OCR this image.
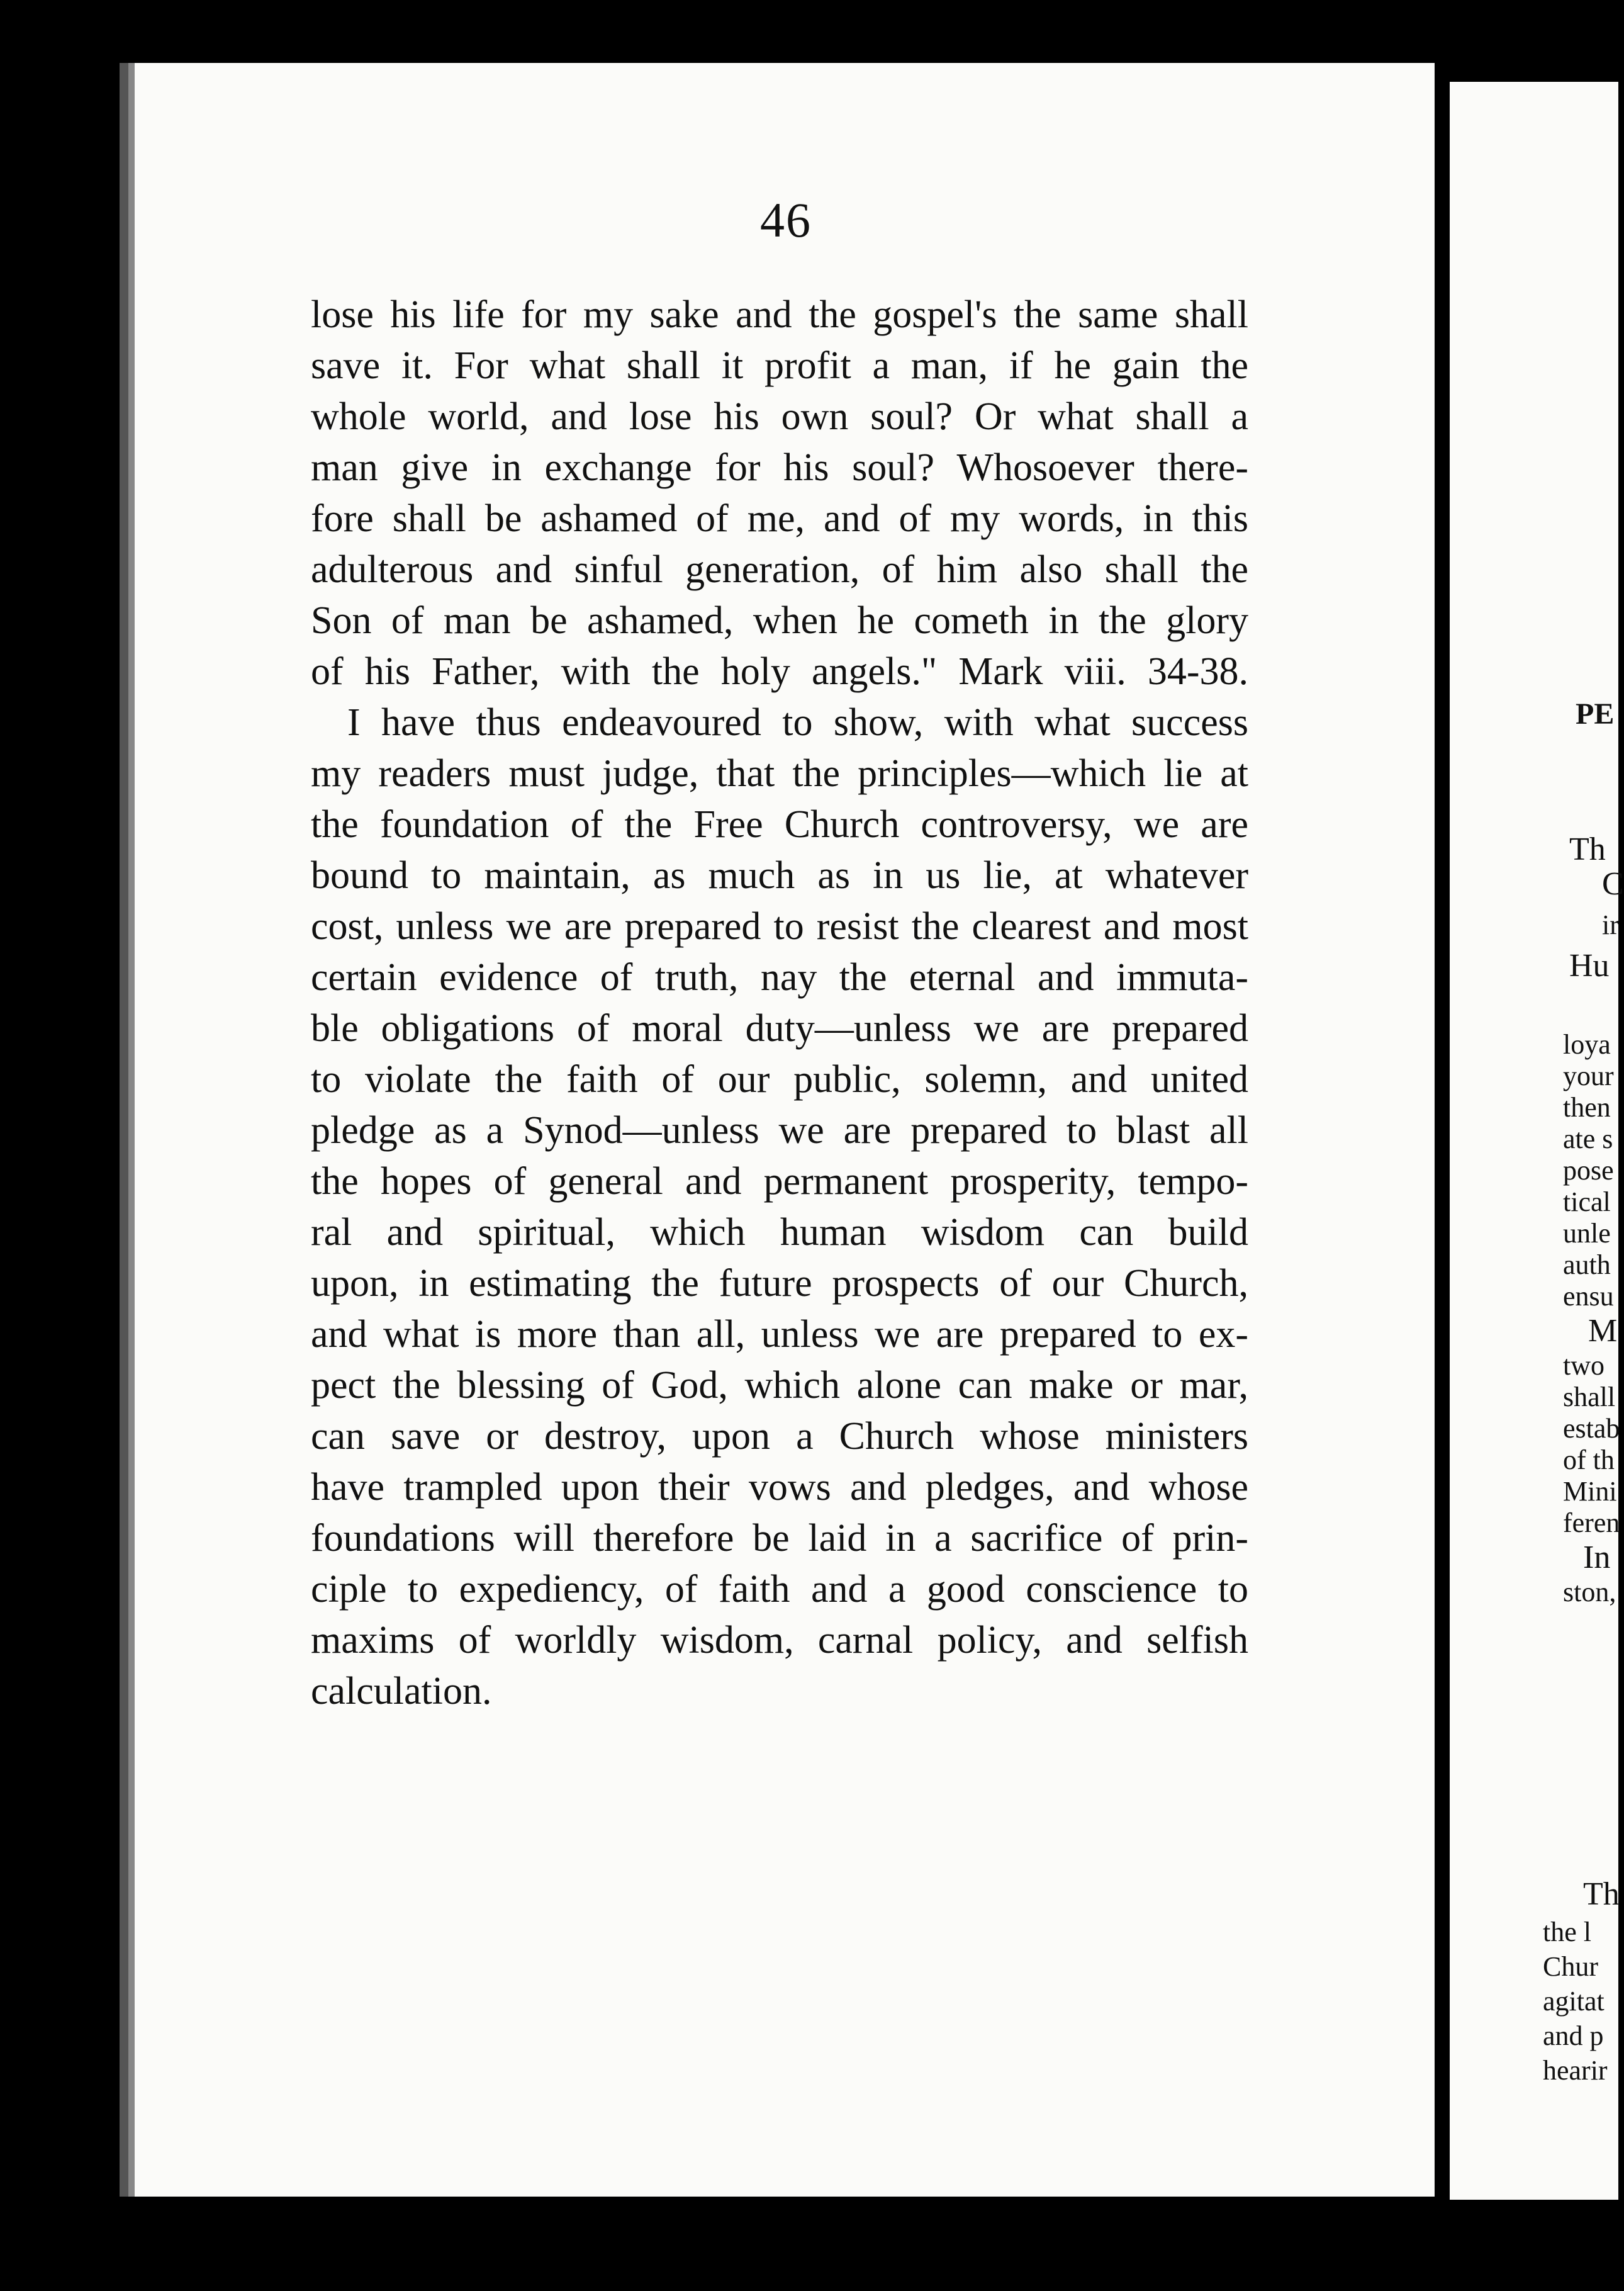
46
lose his life for my sake and the gospel's the same shall
save it. For what shall it profit a man, if he gain the
whole world, and lose his own soul? Or what shall a
man give in exchange for his soul? Whosoever there-
fore shall be ashamed of me, and of my words, in this
adulterous and sinful generation, of him also shall the
Son of man be ashamed, when he cometh in the glory
of his Father, with the holy angels." Mark viii. 34-38.
I have thus endeavoured to show, with what success
my readers must judge, that the principles—which lie at
the foundation of the Free Church controversy, we are
bound to maintain, as much as in us lie, at whatever
cost, unless we are prepared to resist the clearest and most
certain evidence of truth, nay the eternal and immuta-
ble obligations of moral duty—unless we are prepared
to violate the faith of our public, solemn, and united
pledge as a Synod—unless we are prepared to blast all
the hopes of general and permanent prosperity, tempo-
ral and spiritual, which human wisdom can build
upon, in estimating the future prospects of our Church,
and what is more than all, unless we are prepared to ex-
pect the blessing of God, which alone can make or mar,
can save or destroy, upon a Church whose ministers
have trampled upon their vows and pledges, and whose
foundations will therefore be laid in a sacrifice of prin-
ciple to expediency, of faith and a good conscience to
maxims of worldly wisdom, carnal policy, and selfish
calculation.
PE
Th
C
ir
Hu
loya
your
then
ate s
pose
tical
unle
auth
ensu
M
two
shall
estab
of th
Mini
feren
In
ston,
Th
the l
Chur
agitat
and p
hearir
